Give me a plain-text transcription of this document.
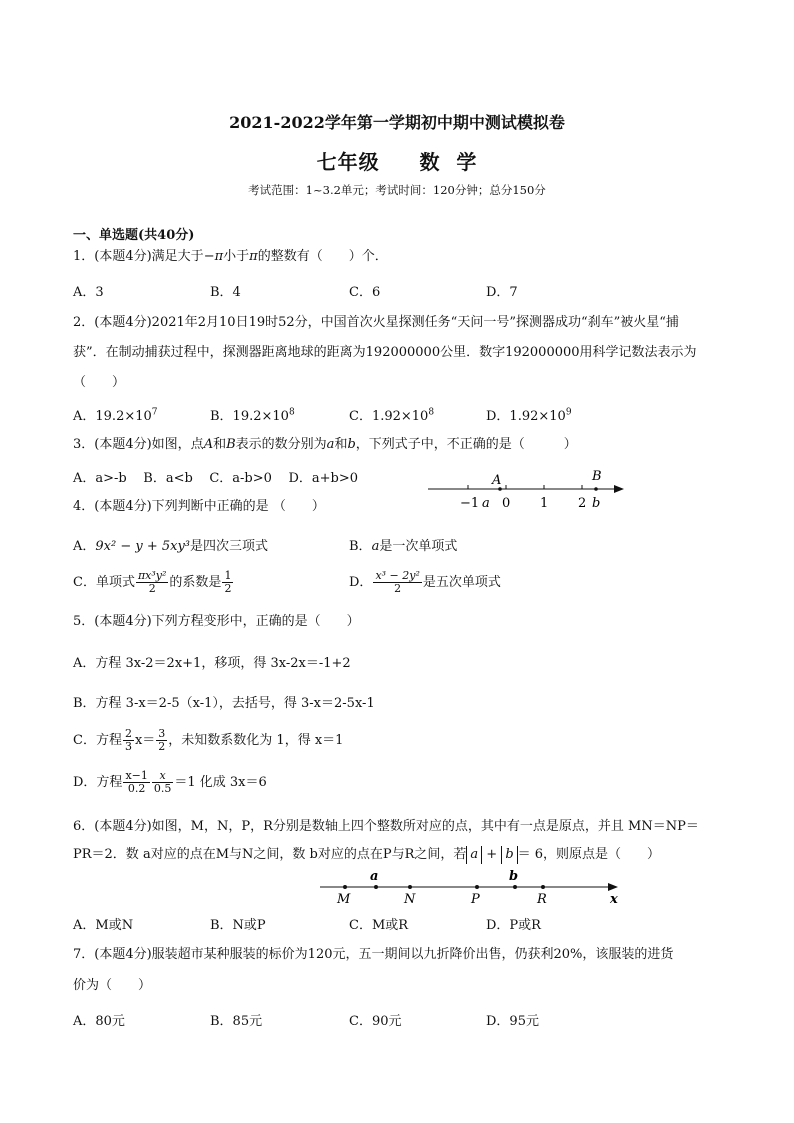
2021-2022学年第一学期初中期中测试模拟卷
七年级     数  学
考试范围：1~3.2单元；考试时间：120分钟；总分150分
一、单选题(共40分)
1．(本题4分)满足大于−π小于π的整数有（　　）个．
A．3	B．4	C．6	D．7
2．(本题4分)2021年2月10日19时52分，中国首次火星探测任务“天问一号”探测器成功“刹车”被火星“捕
获”．在制动捕获过程中，探测器距离地球的距离为192000000公里．数字192000000用科学记数法表示为
（　　）
A．$19.2\times 10^7$	B．$19.2\times 10^8$	C．$1.92\times 10^8$	D．$1.92\times 10^9$
3．(本题4分)如图，点A和B表示的数分别为a和b，下列式子中，不正确的是（　　　）
A．a>-b B．a<b C．a-b>0 D．a+b>0
−1 a 0 1 2 b
A	B
4．(本题4分)下列判断中正确的是 （　　）
A．9x² − y + 5xy³是四次三项式	B．a是一次单项式
C．单项式 $\frac{\text{πx³y²}}{2}$ 的系数是 $\frac{1}{2}$	D． $\frac{\text{x³ − 2y²}}{2}$ 是五次单项式
5．(本题4分)下列方程变形中，正确的是（　　）
A．方程 3x-2＝2x+1，移项，得 3x-2x＝-1+2
B．方程 3-x＝2-5（x-1），去括号，得 3-x＝2-5x-1
C．方程 $\frac{2}{3} x= \frac{3}{2}$ ，未知数系数化为 1，得 x＝1
D．方程 $\frac{x-1}{0.2} \frac{x}{0.5} =1$ 化成 3x＝6
6．(本题4分)如图，M，N，P，R分别是数轴上四个整数所对应的点，其中有一点是原点，并且 MN＝NP＝
PR＝2．数 a对应的点在M与N之间，数 b对应的点在P与R之间，若 a + b ＝ 6，则原点是（　　）
a	b
M	N	P	R	x
A．M或N	B．N或P	C．M或R	D．P或R
7．(本题4分)服装超市某种服装的标价为120元，五一期间以九折降价出售，仍获利20%，该服装的进货
价为（　　）
A．80元	B．85元	C．90元	D．95元
